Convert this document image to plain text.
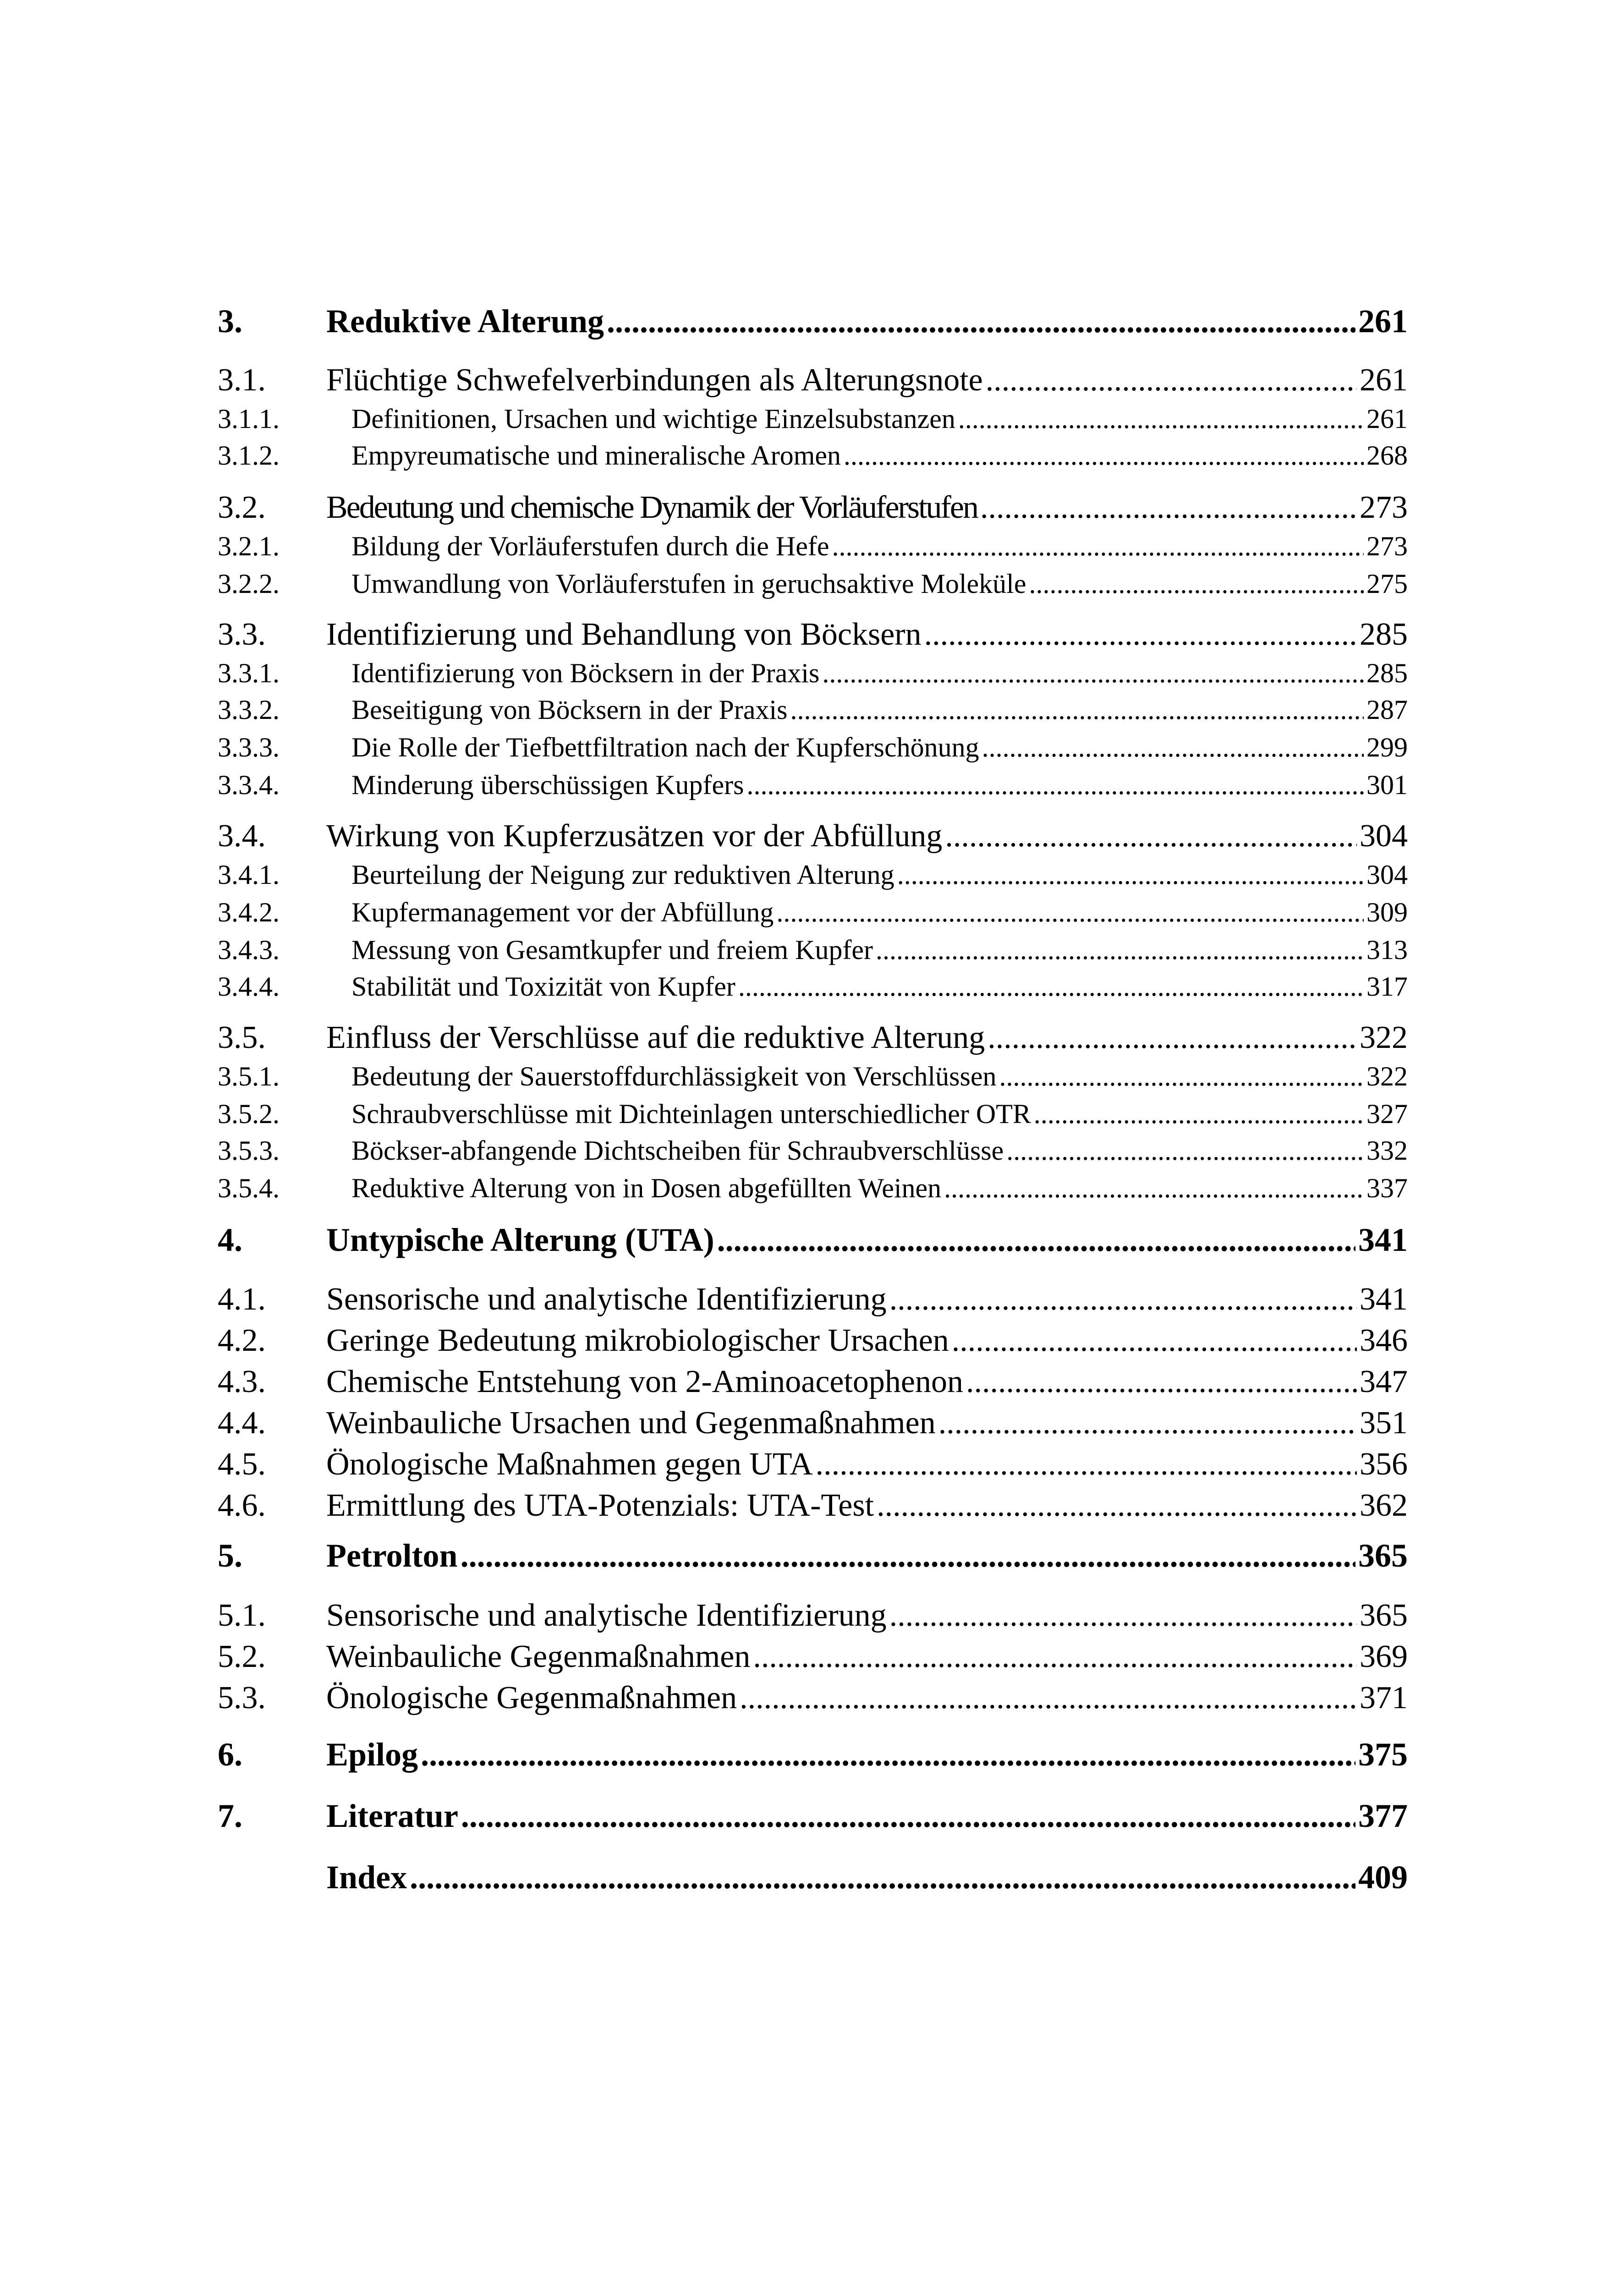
3.	Reduktive Alterung .....	261
3.1.	Flüchtige Schwefelverbindungen als Alterungsnote .....	261
3.1.1.	Definitionen, Ursachen und wichtige Einzelsubstanzen .....	261
3.1.2.	Empyreumatische und mineralische Aromen .....	268
3.2.	Bedeutung und chemische Dynamik der Vorläuferstufen .....	273
3.2.1.	Bildung der Vorläuferstufen durch die Hefe .....	273
3.2.2.	Umwandlung von Vorläuferstufen in geruchsaktive Moleküle .....	275
3.3.	Identifizierung und Behandlung von Böcksern .....	285
3.3.1.	Identifizierung von Böcksern in der Praxis .....	285
3.3.2.	Beseitigung von Böcksern in der Praxis .....	287
3.3.3.	Die Rolle der Tiefbettfiltration nach der Kupferschönung .....	299
3.3.4.	Minderung überschüssigen Kupfers .....	301
3.4.	Wirkung von Kupferzusätzen vor der Abfüllung .....	304
3.4.1.	Beurteilung der Neigung zur reduktiven Alterung .....	304
3.4.2.	Kupfermanagement vor der Abfüllung .....	309
3.4.3.	Messung von Gesamtkupfer und freiem Kupfer .....	313
3.4.4.	Stabilität und Toxizität von Kupfer .....	317
3.5.	Einfluss der Verschlüsse auf die reduktive Alterung .....	322
3.5.1.	Bedeutung der Sauerstoffdurchlässigkeit von Verschlüssen .....	322
3.5.2.	Schraubverschlüsse mit Dichteinlagen unterschiedlicher OTR .....	327
3.5.3.	Böckser-abfangende Dichtscheiben für Schraubverschlüsse .....	332
3.5.4.	Reduktive Alterung von in Dosen abgefüllten Weinen .....	337
4.	Untypische Alterung (UTA) .....	341
4.1.	Sensorische und analytische Identifizierung .....	341
4.2.	Geringe Bedeutung mikrobiologischer Ursachen .....	346
4.3.	Chemische Entstehung von 2-Aminoacetophenon .....	347
4.4.	Weinbauliche Ursachen und Gegenmaßnahmen .....	351
4.5.	Önologische Maßnahmen gegen UTA .....	356
4.6.	Ermittlung des UTA-Potenzials: UTA-Test .....	362
5.	Petrolton .....	365
5.1.	Sensorische und analytische Identifizierung .....	365
5.2.	Weinbauliche Gegenmaßnahmen .....	369
5.3.	Önologische Gegenmaßnahmen .....	371
6.	Epilog .....	375
7.	Literatur .....	377
Index .....	409
